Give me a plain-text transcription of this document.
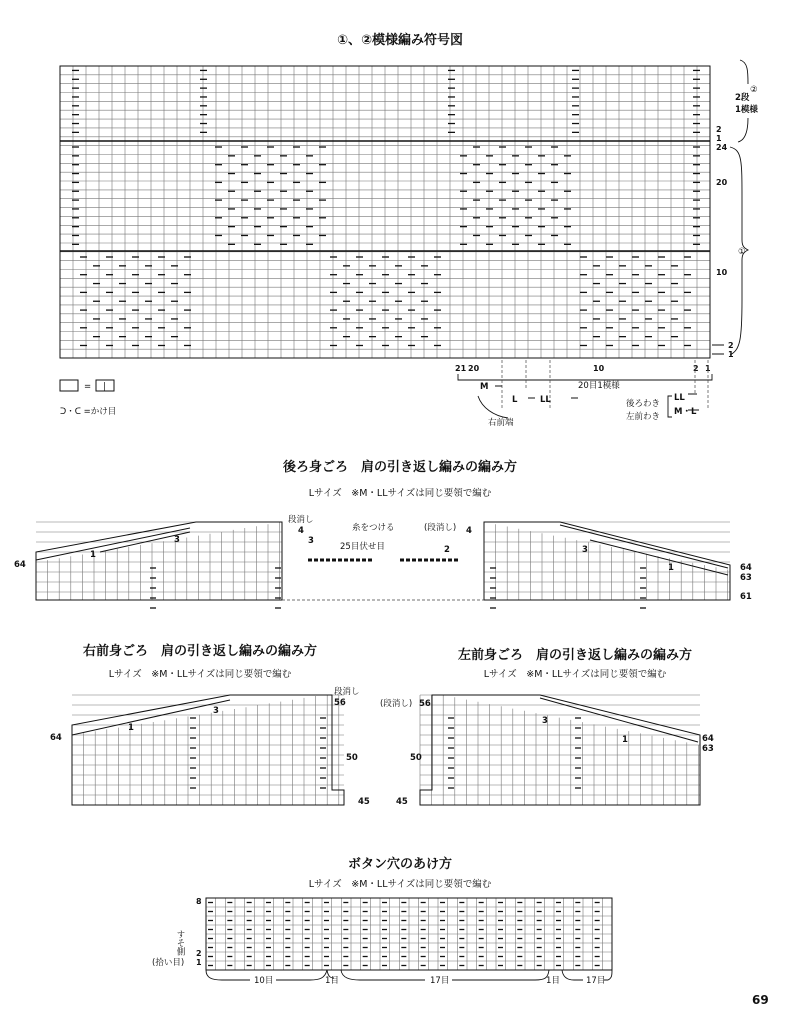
①、②模様編み符号図
2
1
24
20
10
2
1
2段
1模様
②
①
21 20	10	2 1
20目1模様
M
L	LL
右前端
後ろわき
左前わき
LL
M・L
= |
ᑐ・ᑕ =かけ目
後ろ身ごろ　肩の引き返し編みの編み方
Lサイズ　※M・LLサイズは同じ要領で編む
段消し
糸をつける	(段消し)
25目伏せ目
64
1
3
4
3
2
4
3
1	64
63
61
右前身ごろ　肩の引き返し編みの編み方
Lサイズ　※M・LLサイズは同じ要領で編む
段消し
56
64
1
3
50
45
左前身ごろ　肩の引き返し編みの編み方
Lサイズ　※M・LLサイズは同じ要領で編む
(段消し) 56
3
1	64
63
50
45
ボタン穴のあけ方
Lサイズ　※M・LLサイズは同じ要領で編む
8
2
1
すそ側
(拾い目)
10目	1目	17目	1目	17目
69
